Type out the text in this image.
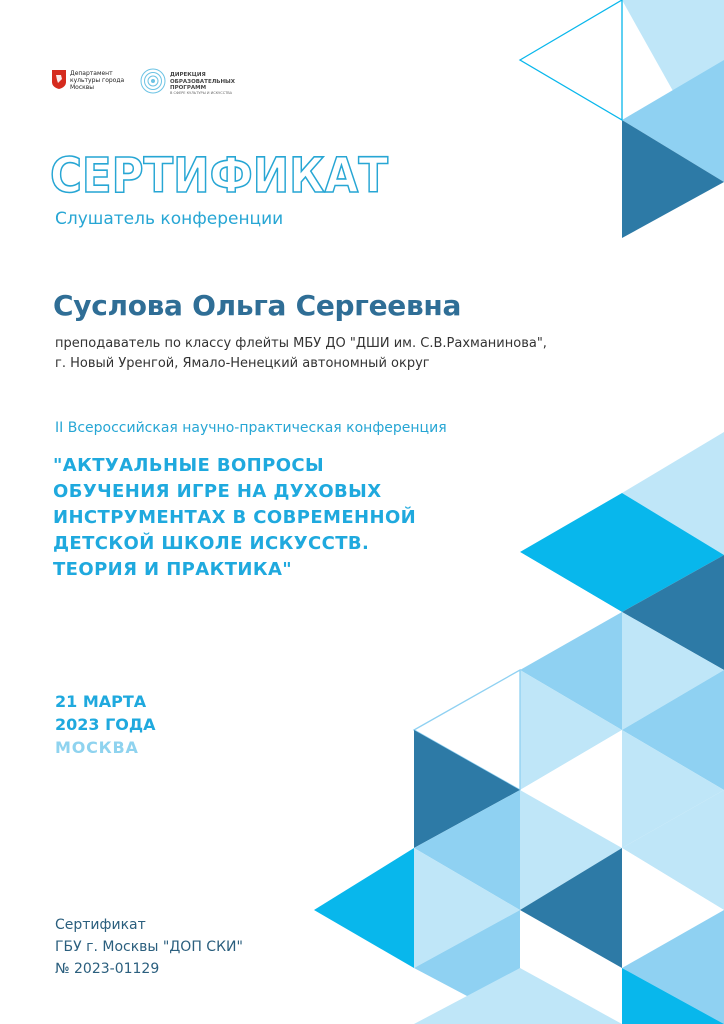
Департамент культуры города Москвы
ДИРЕКЦИЯ ОБРАЗОВАТЕЛЬНЫХ ПРОГРАММ
В СФЕРЕ КУЛЬТУРЫ И ИСКУССТВА
СЕРТИФИКАТ
Слушатель конференции
Суслова Ольга Сергеевна
преподаватель по классу флейты МБУ ДО "ДШИ им. С.В.Рахманинова",
г. Новый Уренгой, Ямало-Ненецкий автономный округ
II Всероссийская научно-практическая конференция
"АКТУАЛЬНЫЕ ВОПРОСЫ
ОБУЧЕНИЯ ИГРЕ НА ДУХОВЫХ
ИНСТРУМЕНТАХ В СОВРЕМЕННОЙ
ДЕТСКОЙ ШКОЛЕ ИСКУССТВ.
ТЕОРИЯ И ПРАКТИКА"
21 МАРТА
2023 ГОДА
МОСКВА
Сертификат
ГБУ г. Москвы "ДОП СКИ"
№ 2023-01129
